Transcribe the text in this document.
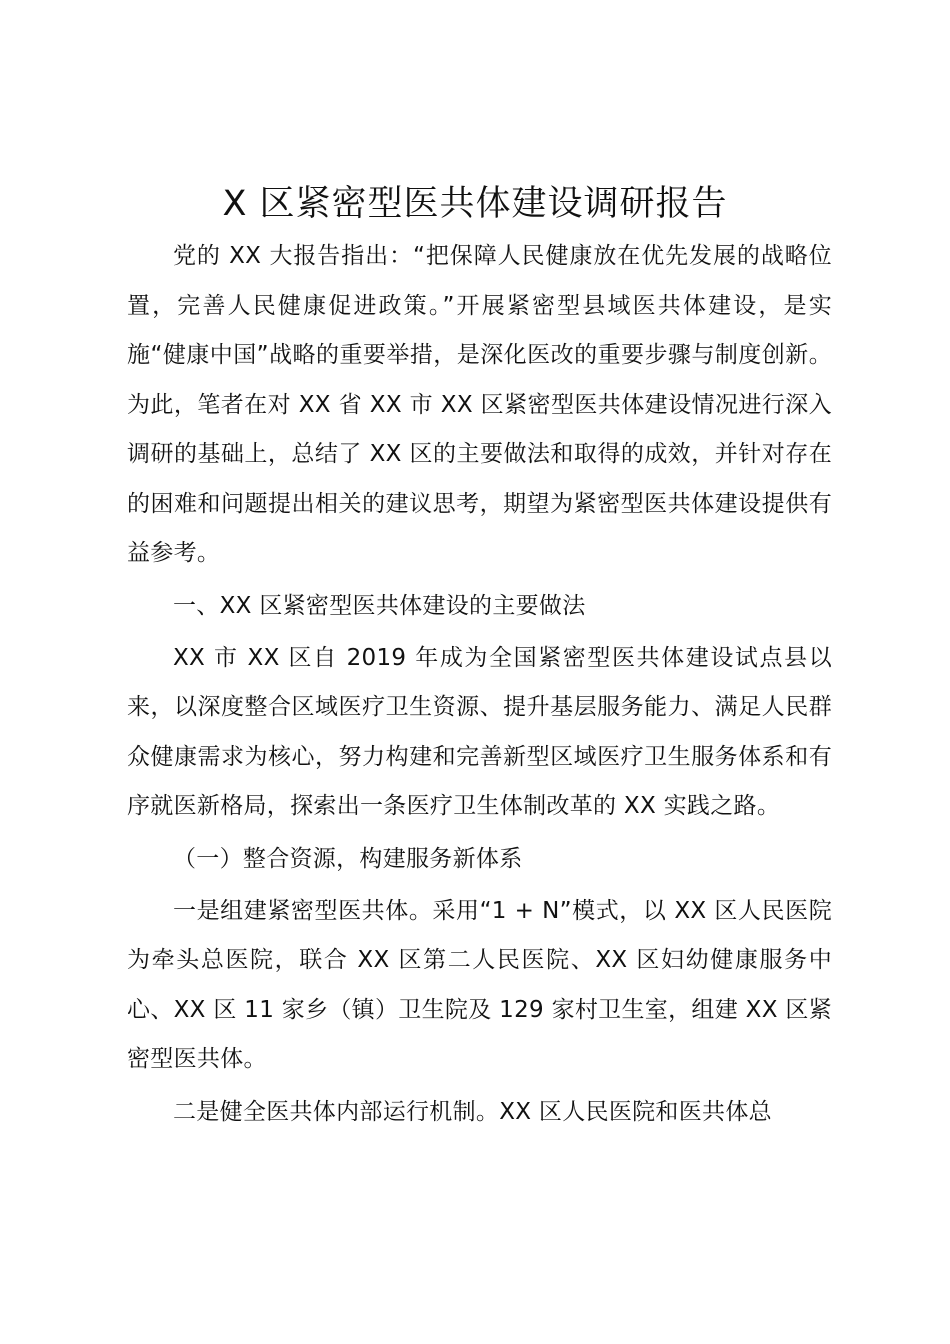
X 区紧密型医共体建设调研报告

党的 XX 大报告指出：“把保障人民健康放在优先发展的战略位置，完善人民健康促进政策。”开展紧密型县域医共体建设，是实施“健康中国”战略的重要举措，是深化医改的重要步骤与制度创新。为此，笔者在对 XX 省 XX 市 XX 区紧密型医共体建设情况进行深入调研的基础上，总结了 XX 区的主要做法和取得的成效，并针对存在的困难和问题提出相关的建议思考，期望为紧密型医共体建设提供有益参考。

一、XX 区紧密型医共体建设的主要做法

XX 市 XX 区自 2019 年成为全国紧密型医共体建设试点县以来，以深度整合区域医疗卫生资源、提升基层服务能力、满足人民群众健康需求为核心，努力构建和完善新型区域医疗卫生服务体系和有序就医新格局，探索出一条医疗卫生体制改革的 XX 实践之路。

（一）整合资源，构建服务新体系

一是组建紧密型医共体。采用“1 + N”模式，以 XX 区人民医院为牵头总医院，联合 XX 区第二人民医院、XX 区妇幼健康服务中心、XX 区 11 家乡（镇）卫生院及 129 家村卫生室，组建 XX 区紧密型医共体。

二是健全医共体内部运行机制。XX 区人民医院和医共体总
